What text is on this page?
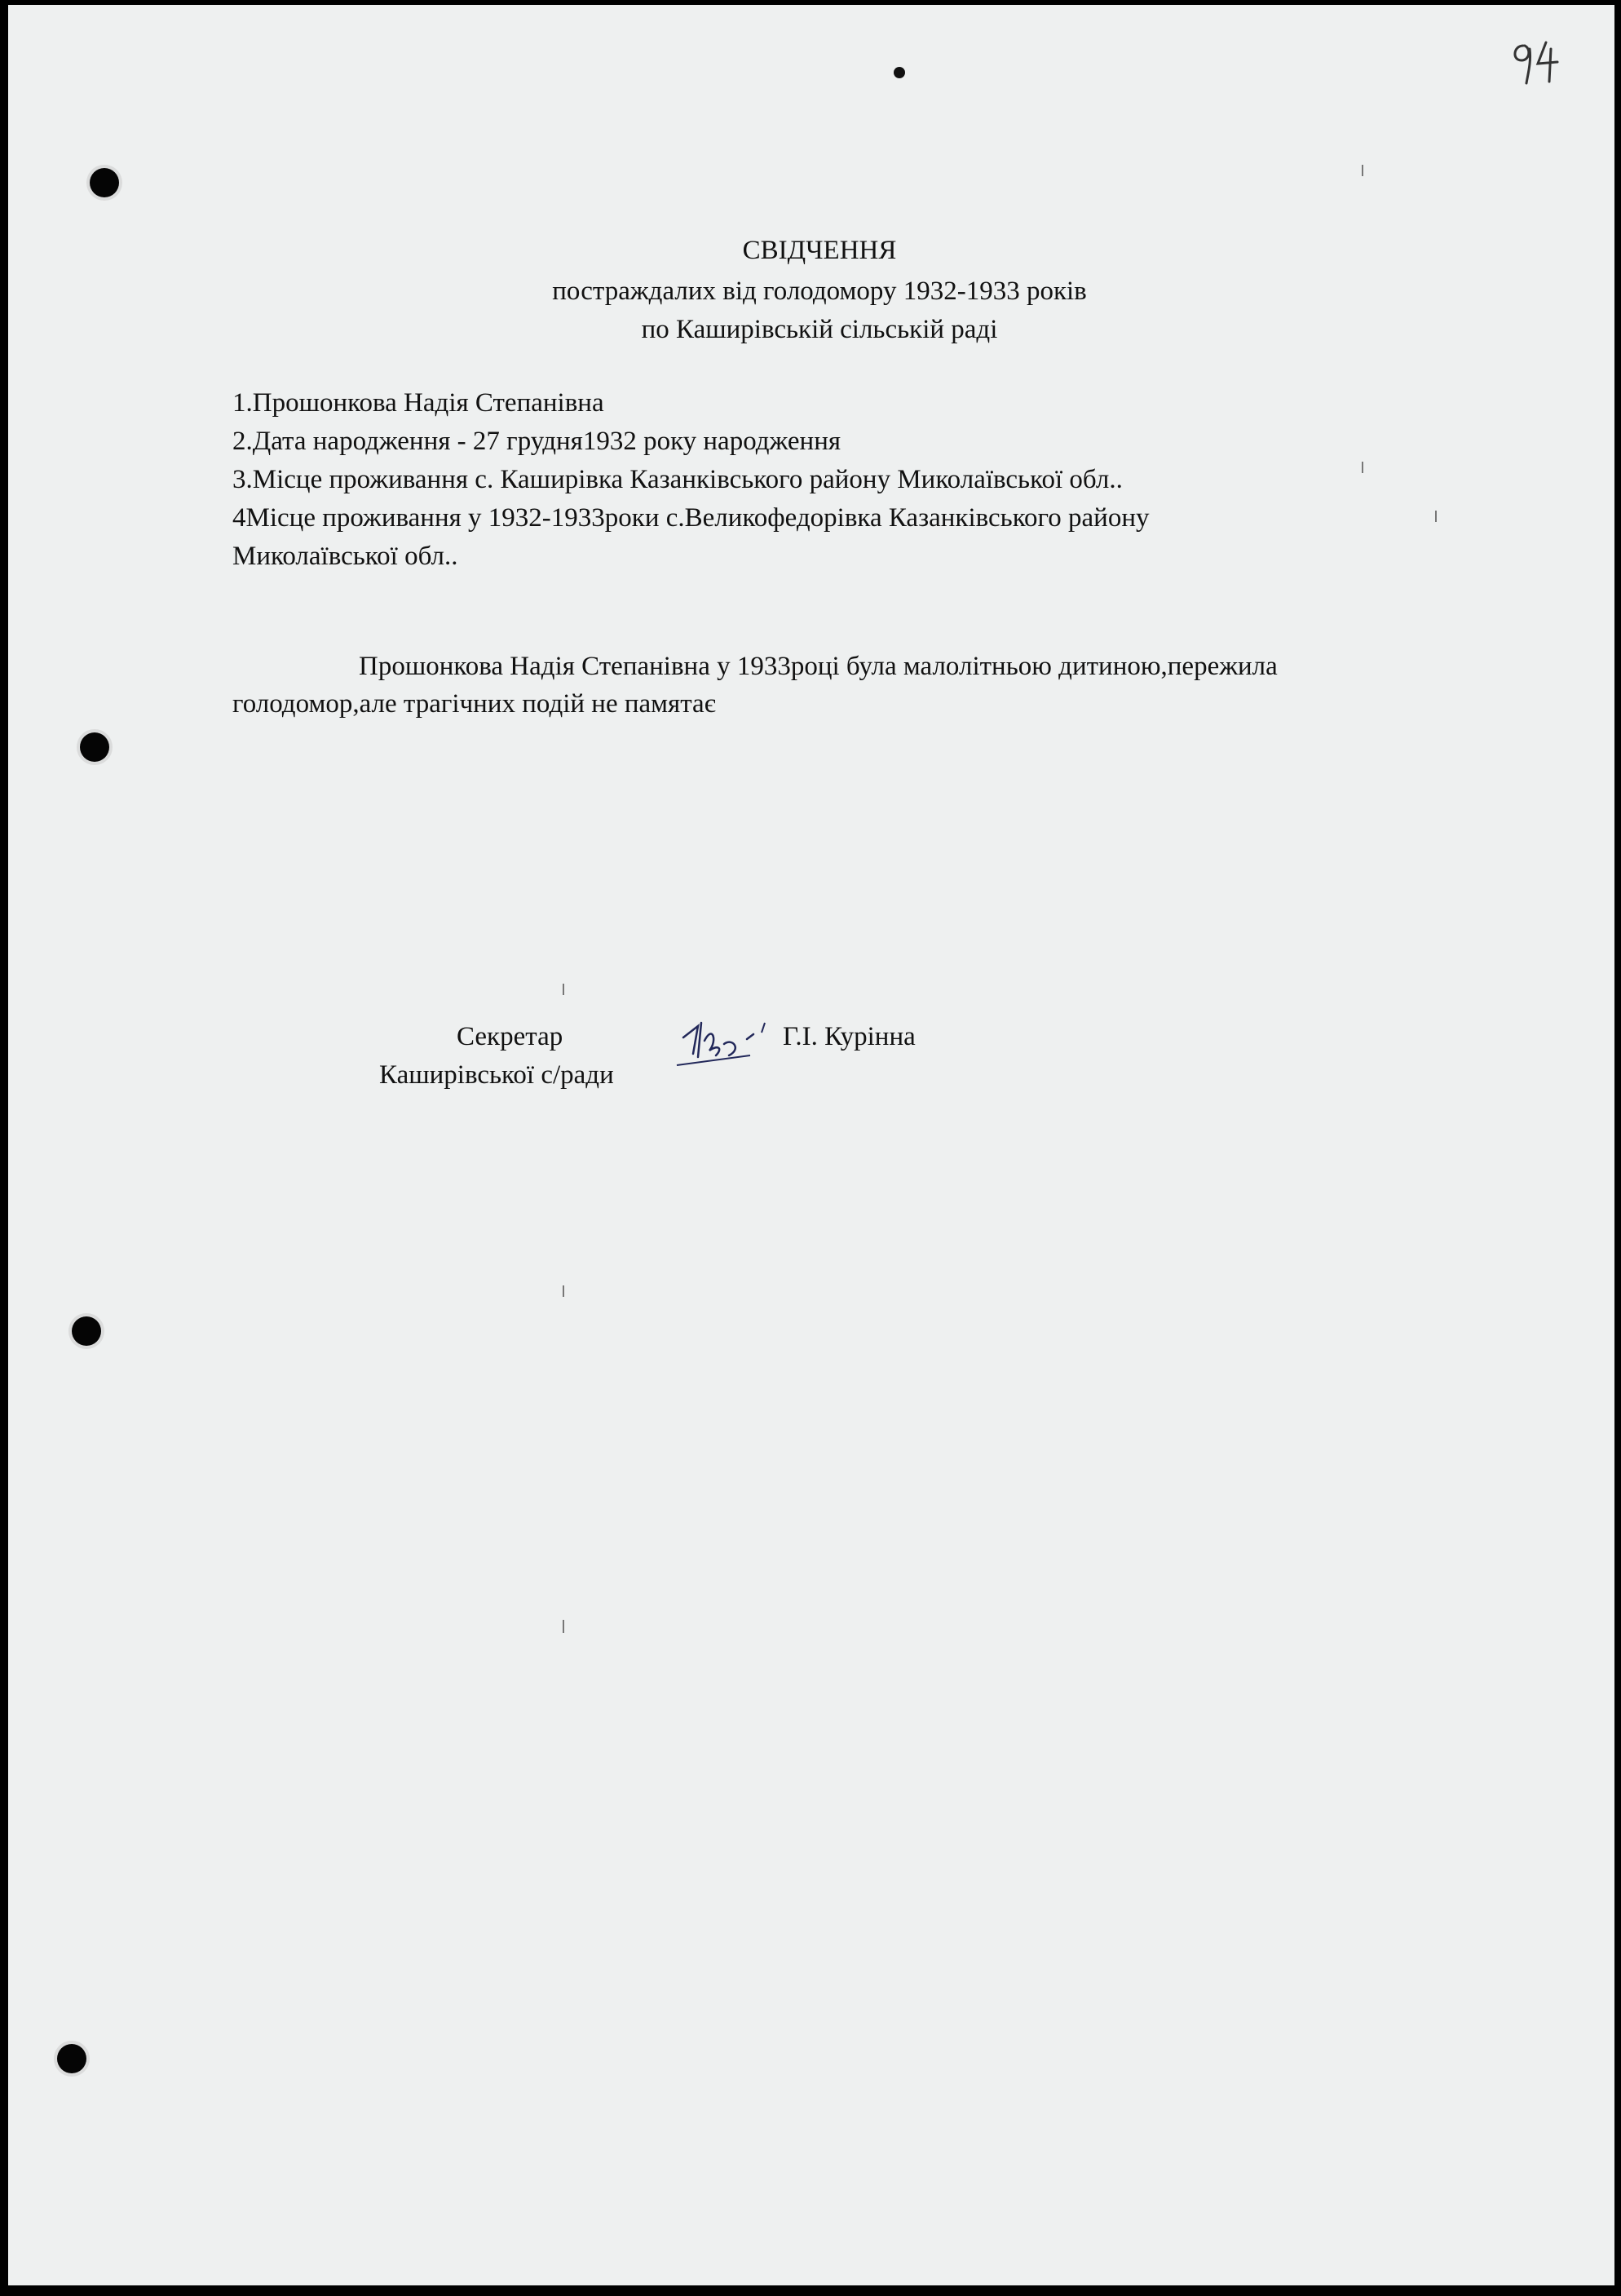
СВІДЧЕННЯ
постраждалих від голодомору 1932-1933 років
по Каширівській сільській раді
1.Прошонкова Надія Степанівна
2.Дата народження - 27 грудня1932 року народження
3.Місце проживання с. Каширівка Казанківського району Миколаївської обл..
4Місце проживання у 1932-1933роки с.Великофедорівка Казанківського району
Миколаївської обл..
Прошонкова Надія Степанівна у 1933році була малолітньою дитиною,пережила
голодомор,але трагічних подій не памятає
Секретар
Каширівської с/ради
Г.І. Курінна
